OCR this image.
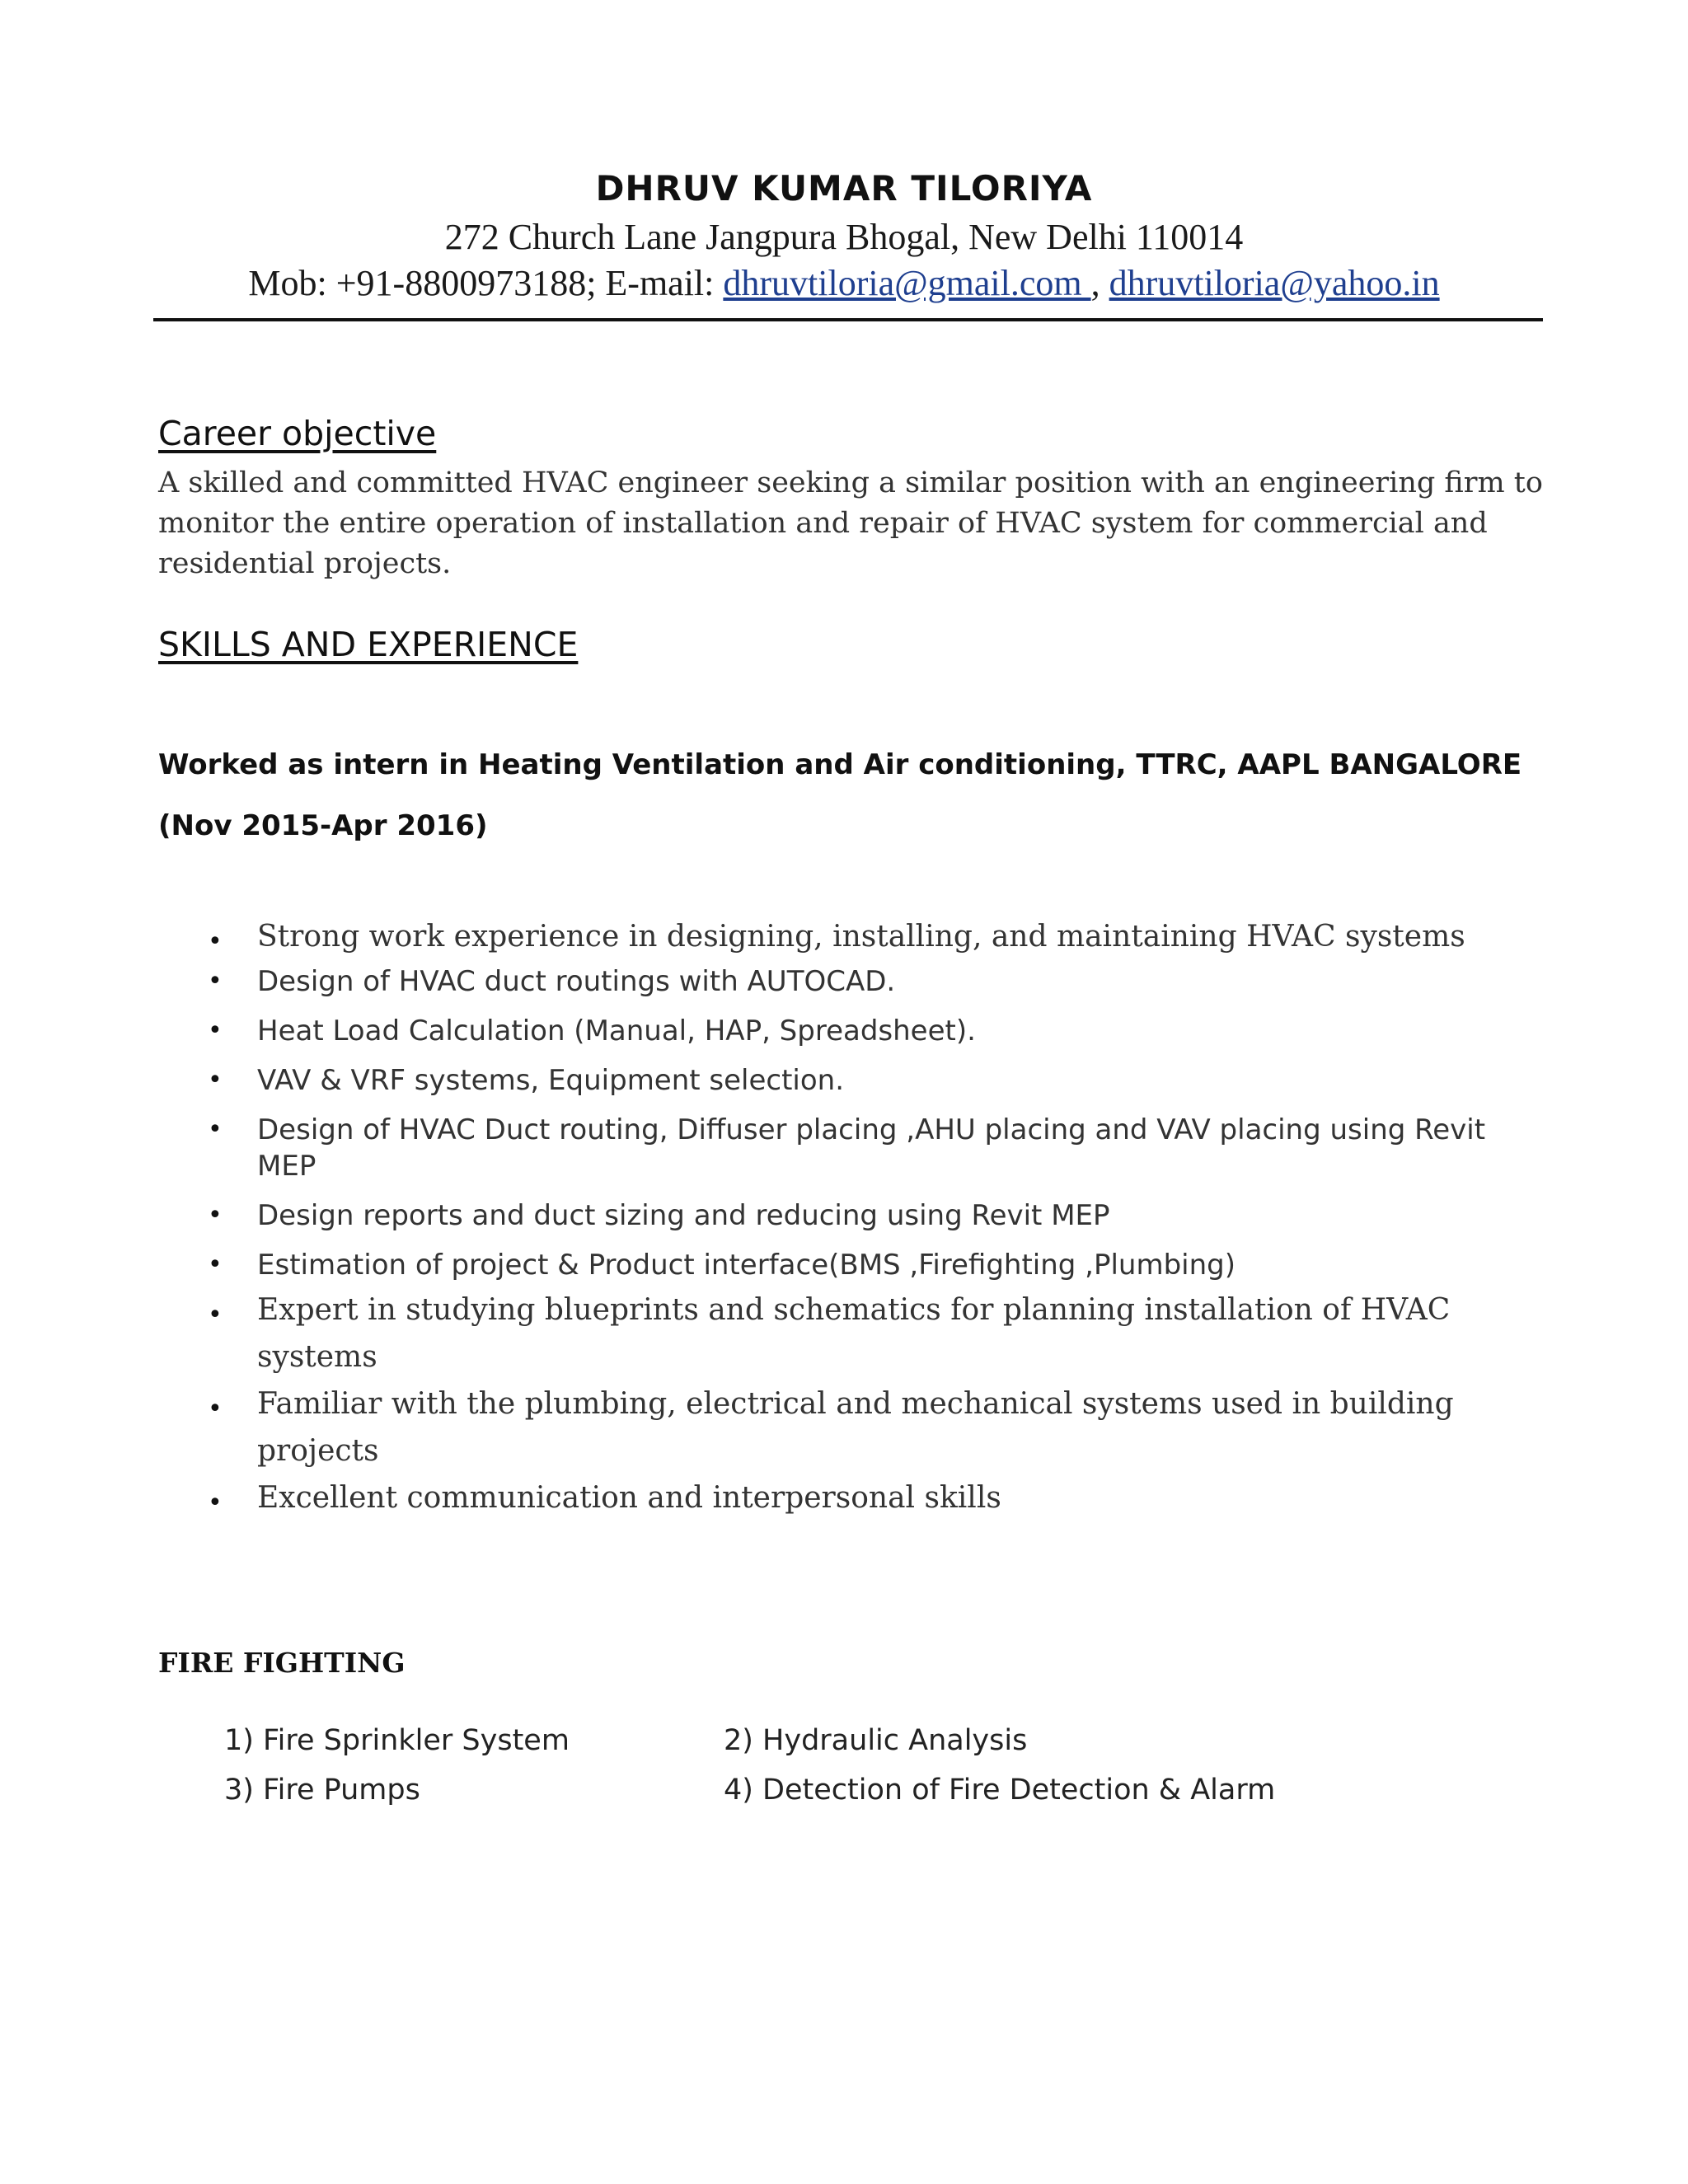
DHRUV KUMAR TILORIYA
272 Church Lane Jangpura Bhogal, New Delhi 110014
Mob: +91-8800973188; E-mail: dhruvtiloria@gmail.com , dhruvtiloria@yahoo.in
Career objective
A skilled and committed HVAC engineer seeking a similar position with an engineering firm to monitor the entire operation of installation and repair of HVAC system for commercial and residential projects.
SKILLS AND EXPERIENCE
Worked as intern in Heating Ventilation and Air conditioning, TTRC, AAPL BANGALORE
(Nov 2015-Apr 2016)
• Strong work experience in designing, installing, and maintaining HVAC systems
• Design of HVAC duct routings with AUTOCAD.
• Heat Load Calculation (Manual, HAP, Spreadsheet).
• VAV & VRF systems, Equipment selection.
• Design of HVAC Duct routing, Diffuser placing ,AHU placing and VAV placing using Revit MEP
• Design reports and duct sizing and reducing using Revit MEP
• Estimation of project & Product interface(BMS ,Firefighting ,Plumbing)
• Expert in studying blueprints and schematics for planning installation of HVAC systems
• Familiar with the plumbing, electrical and mechanical systems used in building projects
• Excellent communication and interpersonal skills
FIRE FIGHTING
1) Fire Sprinkler System	2) Hydraulic Analysis
3) Fire Pumps	4) Detection of Fire Detection & Alarm
